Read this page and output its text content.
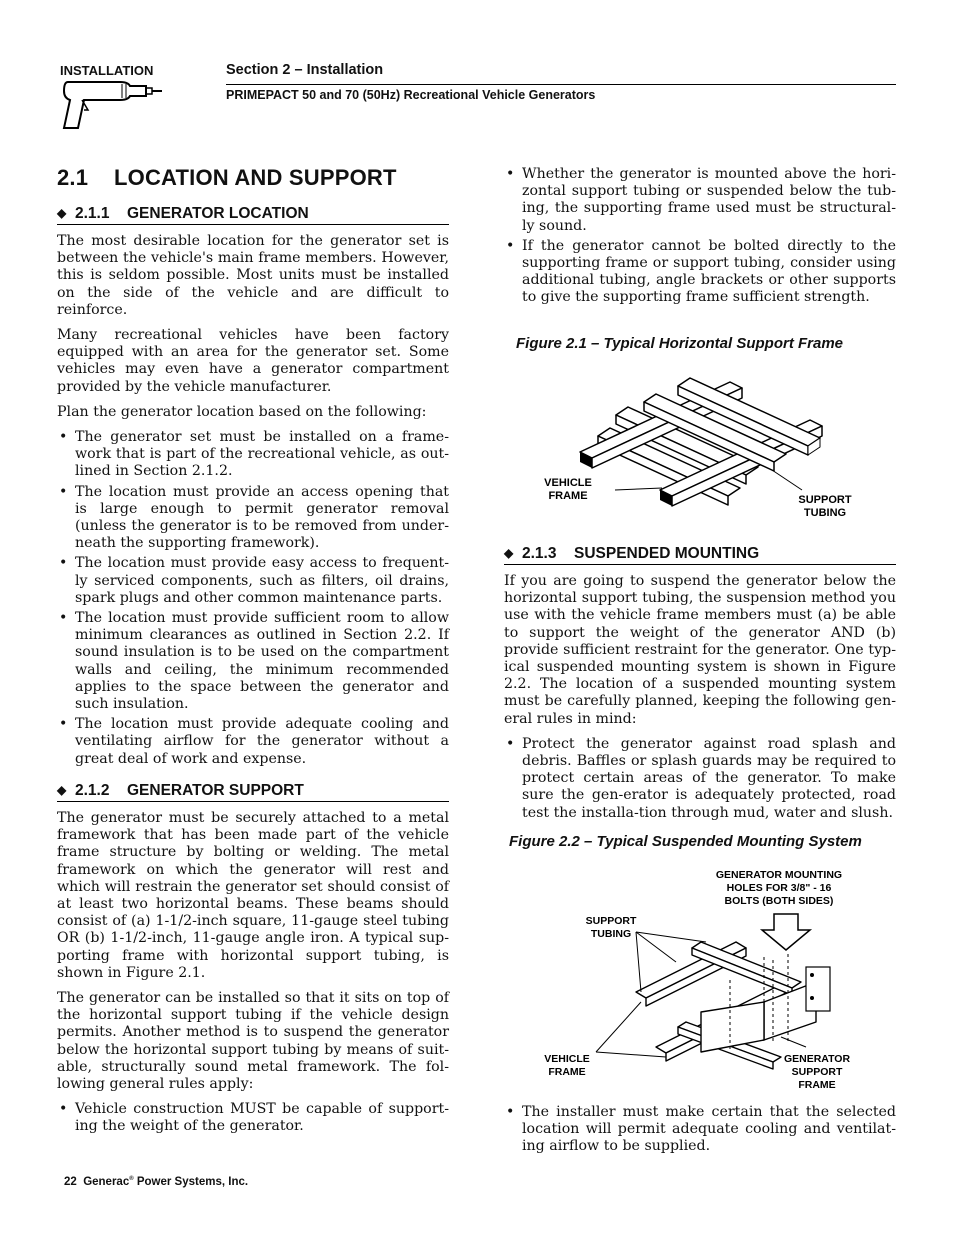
INSTALLATION	Section 2 – Installation
PRIMEPACT 50 and 70 (50Hz) Recreational Vehicle Generators
2.1 LOCATION AND SUPPORT
◆ 2.1.1 GENERATOR LOCATION

The most desirable location for the generator set is between the vehicle's main frame members. However, this is seldom possible. Most units must be installed on the side of the vehicle and are difficult to reinforce.

Many recreational vehicles have been factory equipped with an area for the generator set. Some vehicles may even have a generator compartment provided by the vehicle manufacturer.

Plan the generator location based on the following:

• The generator set must be installed on a frame-work that is part of the recreational vehicle, as out-lined in Section 2.1.2.
• The location must provide an access opening that is large enough to permit generator removal (unless the generator is to be removed from under-neath the supporting framework).
• The location must provide easy access to frequent-ly serviced components, such as filters, oil drains, spark plugs and other common maintenance parts.
• The location must provide sufficient room to allow minimum clearances as outlined in Section 2.2. If sound insulation is to be used on the compartment walls and ceiling, the minimum recommended applies to the space between the generator and such insulation.
• The location must provide adequate cooling and ventilating airflow for the generator without a great deal of work and expense.
◆ 2.1.2 GENERATOR SUPPORT

The generator must be securely attached to a metal framework that has been made part of the vehicle frame structure by bolting or welding. The metal framework on which the generator will rest and which will restrain the generator set should consist of at least two horizontal beams. These beams should consist of (a) 1-1/2-inch square, 11-gauge steel tubing OR (b) 1-1/2-inch, 11-gauge angle iron. A typical sup-porting frame with horizontal support tubing, is shown in Figure 2.1.

The generator can be installed so that it sits on top of the horizontal support tubing if the vehicle design permits. Another method is to suspend the generator below the horizontal support tubing by means of suit-able, structurally sound metal framework. The fol-lowing general rules apply:

• Vehicle construction MUST be capable of support-ing the weight of the generator.
• Whether the generator is mounted above the hori-zontal support tubing or suspended below the tub-ing, the supporting frame used must be structural-ly sound.
• If the generator cannot be bolted directly to the supporting frame or support tubing, consider using additional tubing, angle brackets or other supports to give the supporting frame sufficient strength.
Figure 2.1 – Typical Horizontal Support Frame
VEHICLE
FRAME	SUPPORT
TUBING
◆ 2.1.3 SUSPENDED MOUNTING

If you are going to suspend the generator below the horizontal support tubing, the suspension method you use with the vehicle frame members must (a) be able to support the weight of the generator AND (b) provide sufficient restraint for the generator. One typ-ical suspended mounting system is shown in Figure 2.2. The location of a suspended mounting system must be carefully planned, keeping the following gen-eral rules in mind:

• Protect the generator against road splash and debris. Baffles or splash guards may be required to protect certain areas of the generator. To make sure the gen-erator is adequately protected, road test the installa-tion through mud, water and slush.
Figure 2.2 – Typical Suspended Mounting System
GENERATOR MOUNTING
HOLES FOR 3/8" - 16
BOLTS (BOTH SIDES)
SUPPORT
TUBING
VEHICLE
FRAME
GENERATOR
SUPPORT
FRAME
• The installer must make certain that the selected location will permit adequate cooling and ventilat-ing airflow to be supplied.
22 Generac® Power Systems, Inc.
